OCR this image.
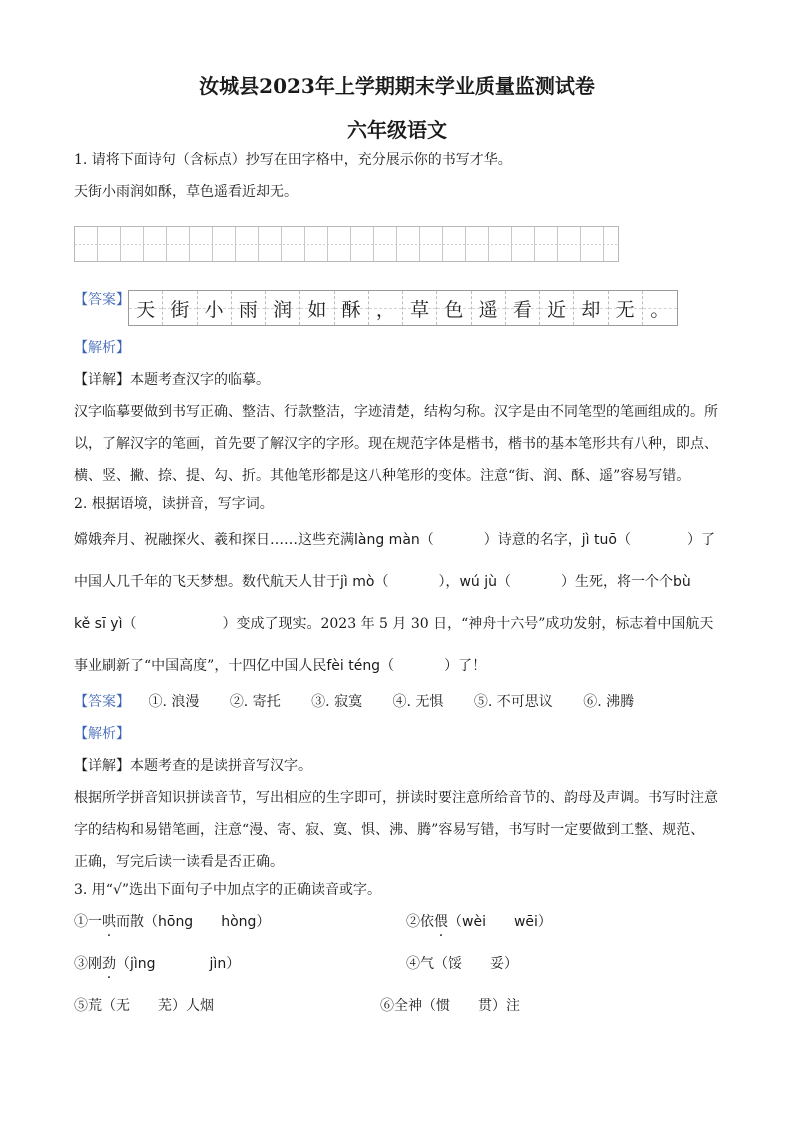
汝城县2023年上学期期末学业质量监测试卷
六年级语文
1. 请将下面诗句（含标点）抄写在田字格中，充分展示你的书写才华。
天街小雨润如酥，草色遥看近却无。
【答案】 天 街 小 雨 润 如 酥 ， 草 色 遥 看 近 却 无 。
【解析】
【详解】本题考查汉字的临摹。
汉字临摹要做到书写正确、整洁、行款整洁，字迹清楚，结构匀称。汉字是由不同笔型的笔画组成的。所
以，了解汉字的笔画，首先要了解汉字的字形。现在规范字体是楷书，楷书的基本笔形共有八种，即点、
横、竖、撇、捺、提、勾、折。其他笔形都是这八种笔形的变体。注意“街、润、酥、遥”容易写错。
2. 根据语境，读拼音，写字词。
嫦娥奔月、祝融探火、羲和探日……这些充满làng màn（	）诗意的名字，jì tuō（	）了
中国人几千年的飞天梦想。数代航天人甘于jì mò（	），wú jù（	）生死，将一个个bù
kě sī yì（	）变成了现实。2023 年 5 月 30 日，“神舟十六号”成功发射，标志着中国航天
事业刷新了“中国高度”，十四亿中国人民fèi téng（	）了！
【答案】 ①. 浪漫 ②. 寄托 ③. 寂寞 ④. 无惧 ⑤. 不可思议 ⑥. 沸腾
【解析】
【详解】本题考查的是读拼音写汉字。
根据所学拼音知识拼读音节，写出相应的生字即可，拼读时要注意所给音节的、韵母及声调。书写时注意
字的结构和易错笔画，注意“漫、寄、寂、寞、惧、沸、腾”容易写错，书写时一定要做到工整、规范、
正确，写完后读一读看是否正确。
3. 用“√”选出下面句子中加点字的正确读音或字。
①一哄而散（hōng hòng）	②依偎（wèi wēi）
③刚劲（jìng	jìn）	④气（馁 妥）
⑤荒（无 芜）人烟	⑥全神（惯 贯）注
